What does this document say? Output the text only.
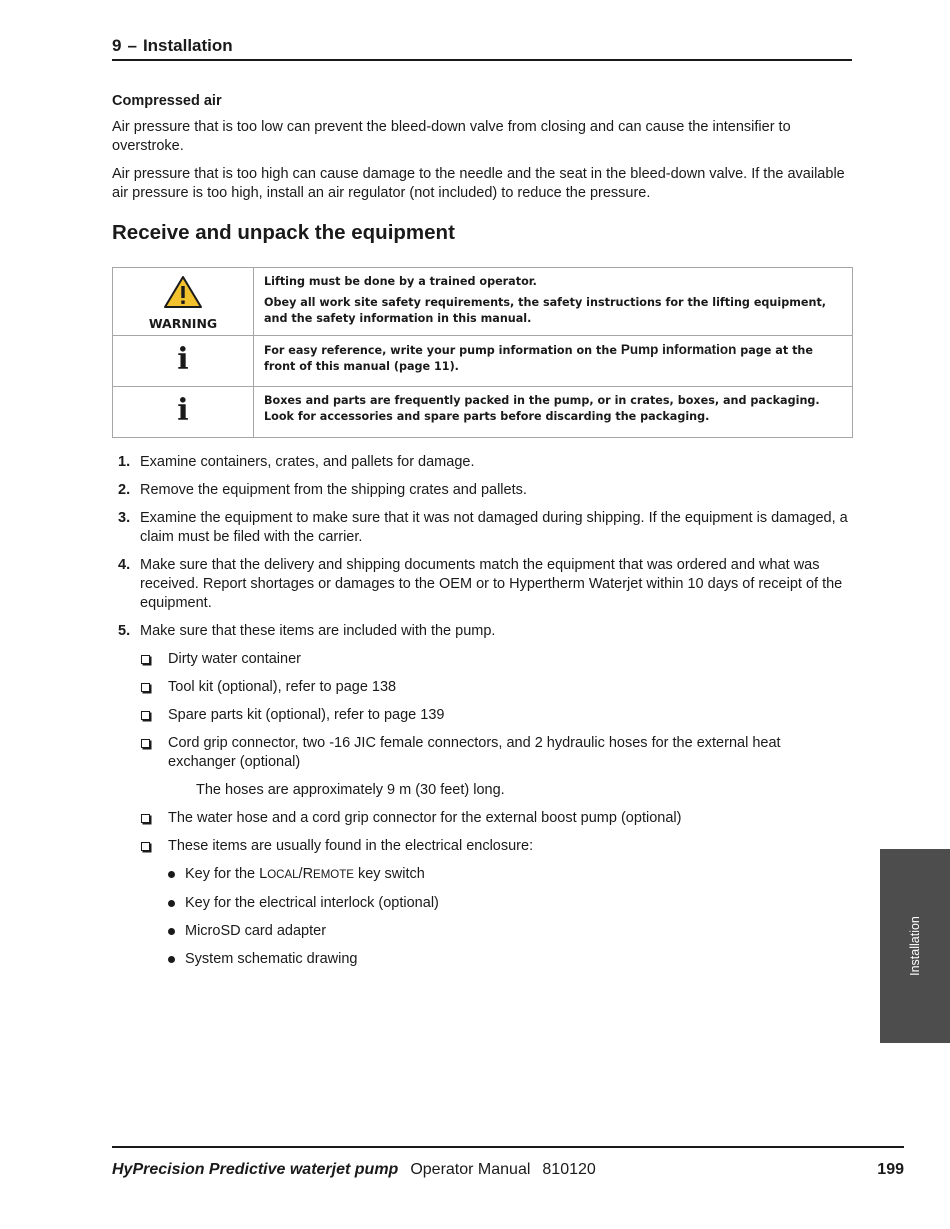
9 – Installation
Compressed air

Air pressure that is too low can prevent the bleed-down valve from closing and can cause the intensifier to overstroke.

Air pressure that is too high can cause damage to the needle and the seat in the bleed-down valve. If the available air pressure is too high, install an air regulator (not included) to reduce the pressure.

Receive and unpack the equipment
WARNING	Lifting must be done by a trained operator.
Obey all work site safety requirements, the safety instructions for the lifting equipment, and the safety information in this manual.

i	For easy reference, write your pump information on the Pump information page at the front of this manual (page 11).

i	Boxes and parts are frequently packed in the pump, or in crates, boxes, and packaging. Look for accessories and spare parts before discarding the packaging.
1. Examine containers, crates, and pallets for damage.
2. Remove the equipment from the shipping crates and pallets.
3. Examine the equipment to make sure that it was not damaged during shipping. If the equipment is damaged, a claim must be filed with the carrier.
4. Make sure that the delivery and shipping documents match the equipment that was ordered and what was received. Report shortages or damages to the OEM or to Hypertherm Waterjet within 10 days of receipt of the equipment.
5. Make sure that these items are included with the pump.
Dirty water container
Tool kit (optional), refer to page 138
Spare parts kit (optional), refer to page 139
Cord grip connector, two -16 JIC female connectors, and 2 hydraulic hoses for the external heat exchanger (optional)
The hoses are approximately 9 m (30 feet) long.
The water hose and a cord grip connector for the external boost pump (optional)
These items are usually found in the electrical enclosure:
Key for the LOCAL/REMOTE key switch
Key for the electrical interlock (optional)
MicroSD card adapter
System schematic drawing	Installation
HyPrecision Predictive waterjet pump Operator Manual 810120	199
